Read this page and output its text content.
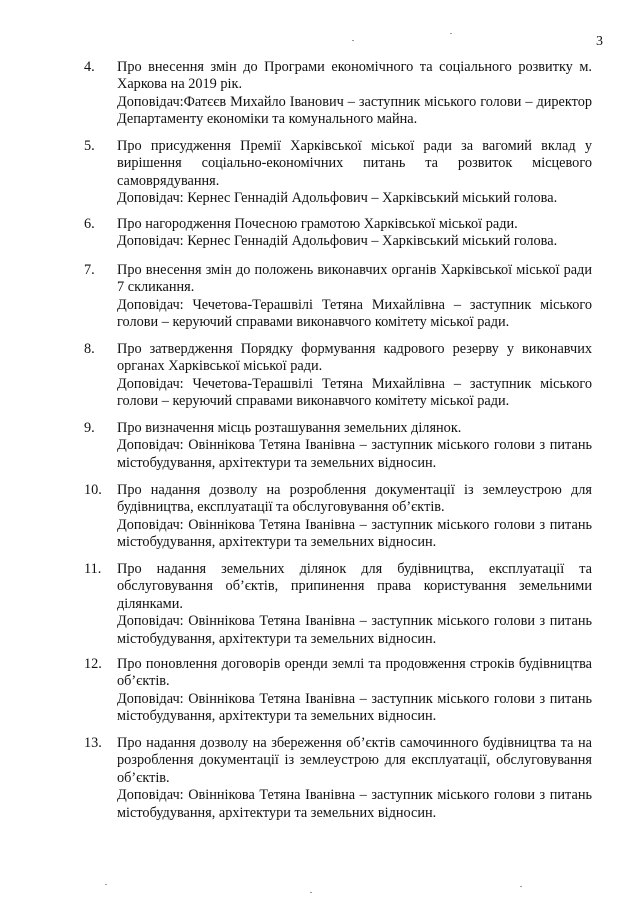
3
4.	Про внесення змін до Програми економічного та соціального розвитку м. Харкова на 2019 рік.

Доповідач:Фатєєв Михайло Іванович – заступник міського голови – директор Департаменту економіки та комунального майна.

5.	Про присудження Премії Харківської міської ради за вагомий вклад у вирішення соціально-економічних питань та розвиток місцевого самоврядування.

Доповідач: Кернес Геннадій Адольфович – Харківський міський голова.

6.	Про нагородження Почесною грамотою Харківської міської ради.

Доповідач: Кернес Геннадій Адольфович – Харківський міський голова.

7.	Про внесення змін до положень виконавчих органів Харківської міської ради 7 скликання.

Доповідач: Чечетова-Терашвілі Тетяна Михайлівна – заступник міського голови – керуючий справами виконавчого комітету міської ради.

8.	Про затвердження Порядку формування кадрового резерву у виконавчих органах Харківської міської ради.

Доповідач: Чечетова-Терашвілі Тетяна Михайлівна – заступник міського голови – керуючий справами виконавчого комітету міської ради.

9.	Про визначення місць розташування земельних ділянок.

Доповідач: Овіннікова Тетяна Іванівна – заступник міського голови з питань містобудування, архітектури та земельних відносин.

10.	Про надання дозволу на розроблення документації із землеустрою для будівництва, експлуатації та обслуговування об’єктів.

Доповідач: Овіннікова Тетяна Іванівна – заступник міського голови з питань містобудування, архітектури та земельних відносин.

11.	Про надання земельних ділянок для будівництва, експлуатації та обслуговування об’єктів, припинення права користування земельними ділянками.

Доповідач: Овіннікова Тетяна Іванівна – заступник міського голови з питань містобудування, архітектури та земельних відносин.

12.	Про поновлення договорів оренди землі та продовження строків будівництва об’єктів.

Доповідач: Овіннікова Тетяна Іванівна – заступник міського голови з питань містобудування, архітектури та земельних відносин.

13.	Про надання дозволу на збереження об’єктів самочинного будівництва та на розроблення документації із землеустрою для експлуатації, обслуговування об’єктів.

Доповідач: Овіннікова Тетяна Іванівна – заступник міського голови з питань містобудування, архітектури та земельних відносин.
